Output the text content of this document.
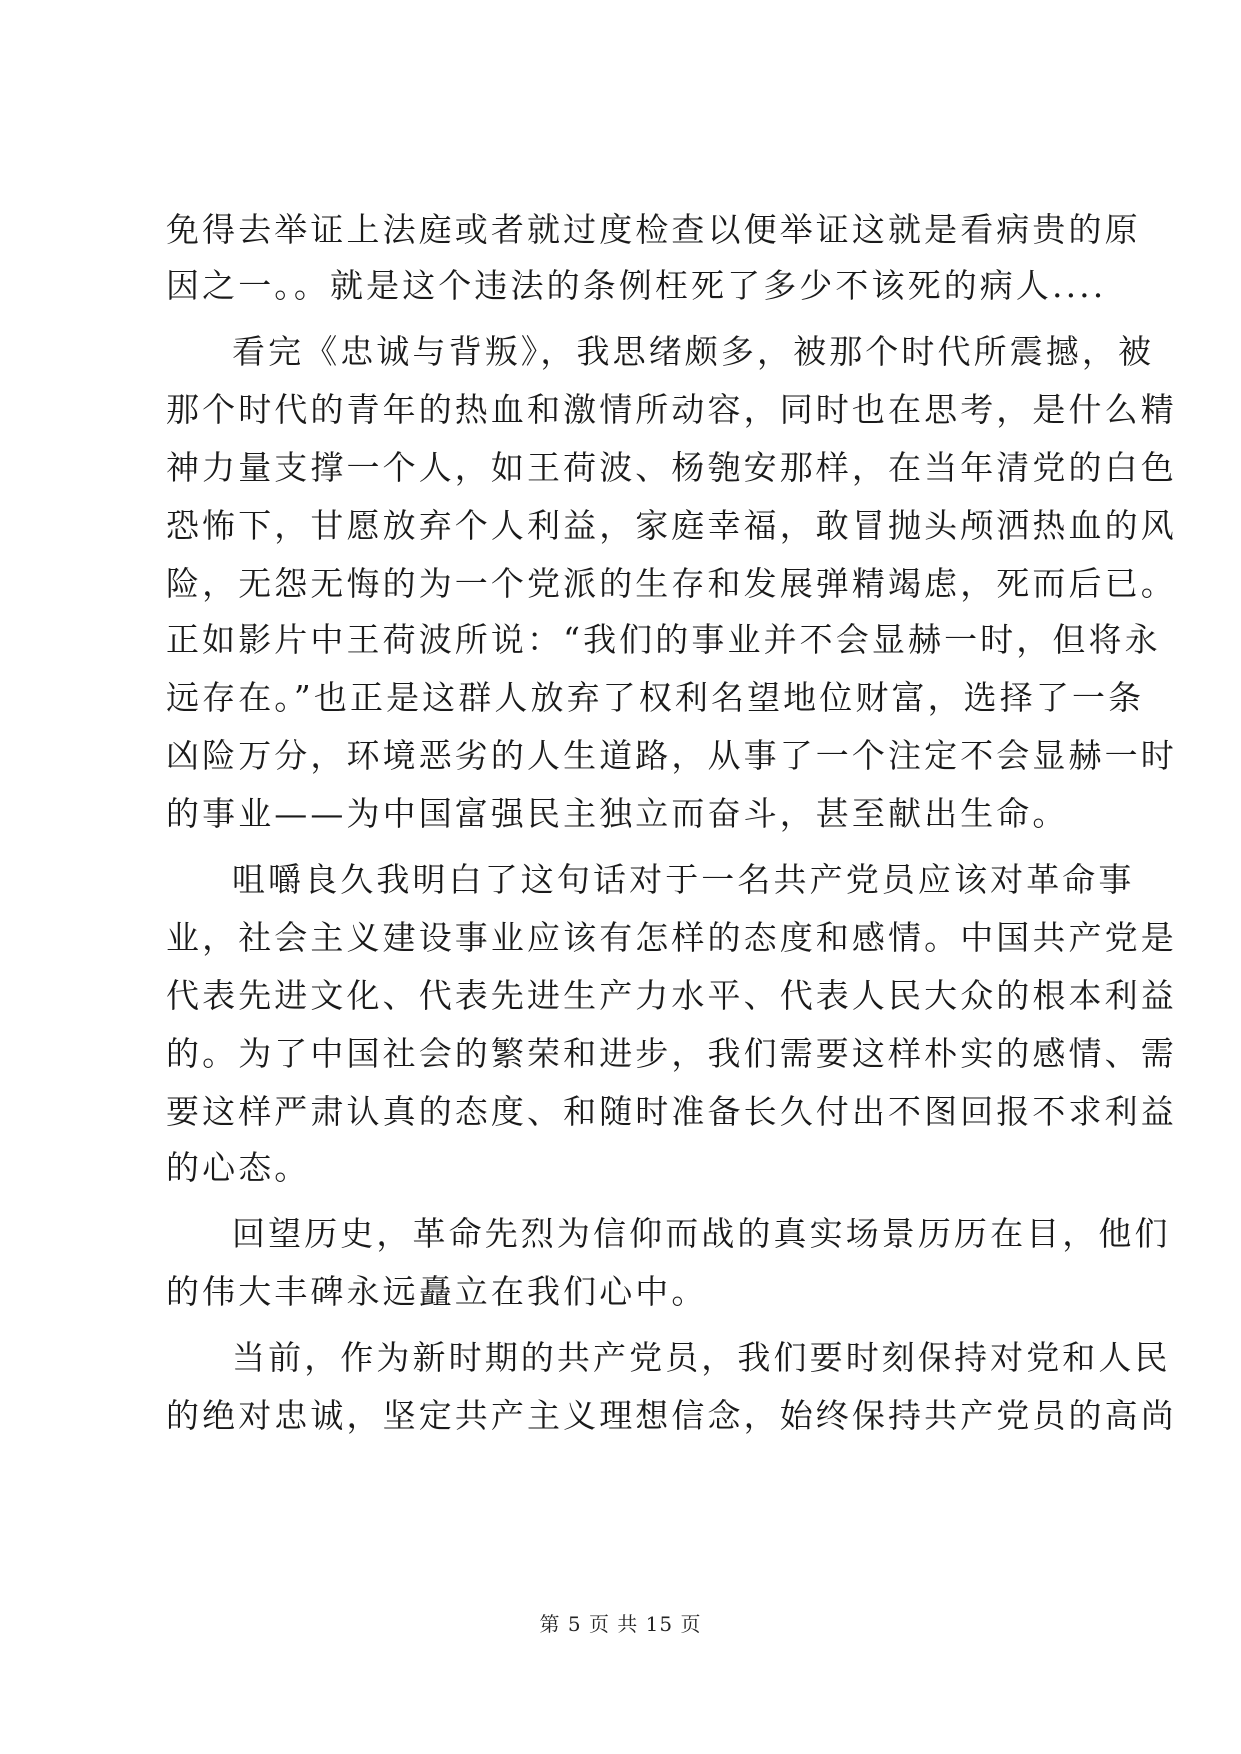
免得去举证上法庭或者就过度检查以便举证这就是看病贵的原
因之一。。就是这个违法的条例枉死了多少不该死的病人....
看完《忠诚与背叛》，我思绪颇多，被那个时代所震撼，被
那个时代的青年的热血和激情所动容，同时也在思考，是什么精
神力量支撑一个人，如王荷波、杨匏安那样，在当年清党的白色
恐怖下，甘愿放弃个人利益，家庭幸福，敢冒抛头颅洒热血的风
险，无怨无悔的为一个党派的生存和发展弹精竭虑，死而后已。
正如影片中王荷波所说：“我们的事业并不会显赫一时，但将永
远存在。”也正是这群人放弃了权利名望地位财富，选择了一条
凶险万分，环境恶劣的人生道路，从事了一个注定不会显赫一时
的事业——为中国富强民主独立而奋斗，甚至献出生命。
咀嚼良久我明白了这句话对于一名共产党员应该对革命事
业，社会主义建设事业应该有怎样的态度和感情。中国共产党是
代表先进文化、代表先进生产力水平、代表人民大众的根本利益
的。为了中国社会的繁荣和进步，我们需要这样朴实的感情、需
要这样严肃认真的态度、和随时准备长久付出不图回报不求利益
的心态。
回望历史，革命先烈为信仰而战的真实场景历历在目，他们
的伟大丰碑永远矗立在我们心中。
当前，作为新时期的共产党员，我们要时刻保持对党和人民
的绝对忠诚，坚定共产主义理想信念，始终保持共产党员的高尚
第 5 页 共 15 页
